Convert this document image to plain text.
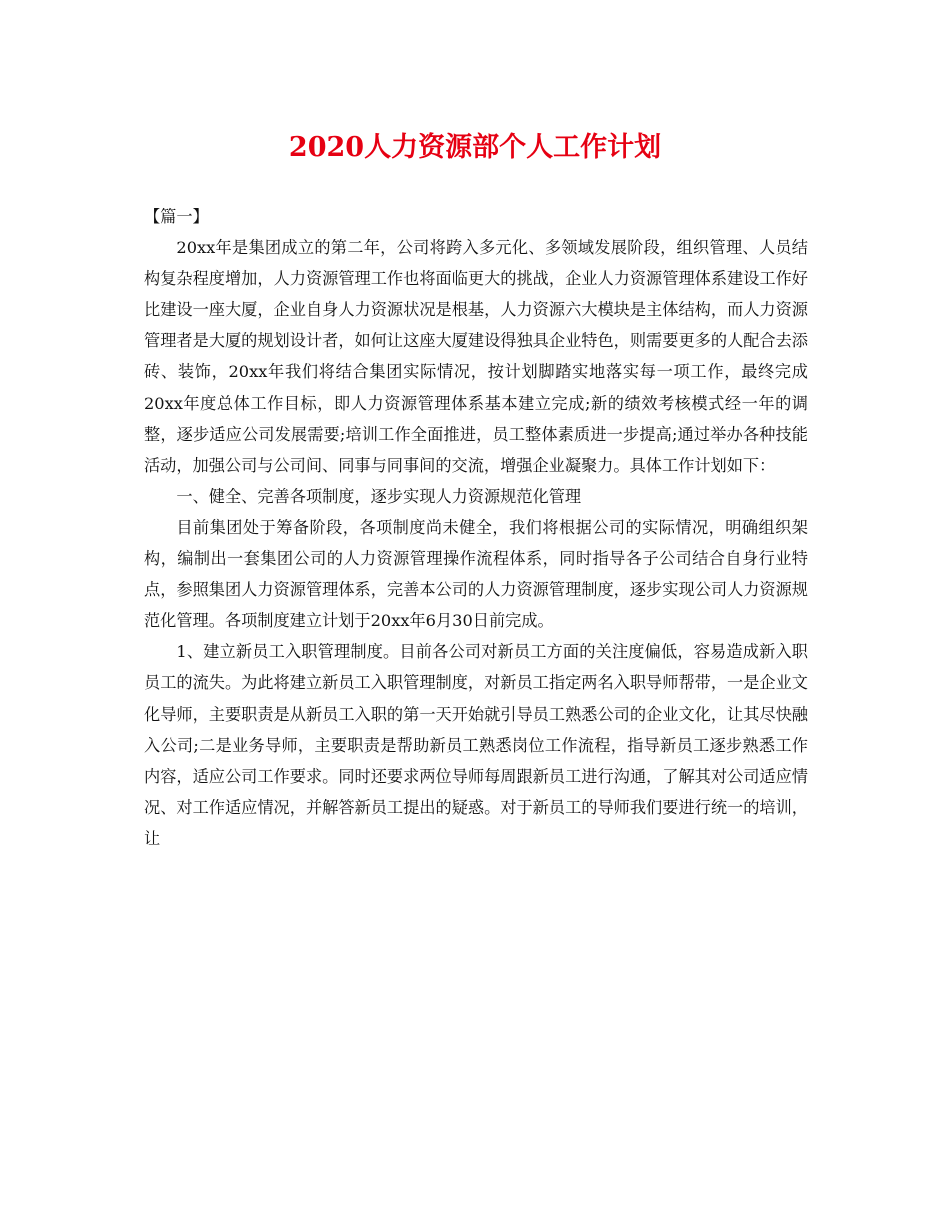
2020人力资源部个人工作计划

【篇一】

20xx年是集团成立的第二年，公司将跨入多元化、多领域发展阶段，组织管理、人员结构复杂程度增加，人力资源管理工作也将面临更大的挑战，企业人力资源管理体系建设工作好比建设一座大厦，企业自身人力资源状况是根基，人力资源六大模块是主体结构，而人力资源管理者是大厦的规划设计者，如何让这座大厦建设得独具企业特色，则需要更多的人配合去添砖、装饰，20xx年我们将结合集团实际情况，按计划脚踏实地落实每一项工作，最终完成20xx年度总体工作目标，即人力资源管理体系基本建立完成;新的绩效考核模式经一年的调整，逐步适应公司发展需要;培训工作全面推进，员工整体素质进一步提高;通过举办各种技能活动，加强公司与公司间、同事与同事间的交流，增强企业凝聚力。具体工作计划如下：

一、健全、完善各项制度，逐步实现人力资源规范化管理

目前集团处于筹备阶段，各项制度尚未健全，我们将根据公司的实际情况，明确组织架构，编制出一套集团公司的人力资源管理操作流程体系，同时指导各子公司结合自身行业特点，参照集团人力资源管理体系，完善本公司的人力资源管理制度，逐步实现公司人力资源规范化管理。各项制度建立计划于20xx年6月30日前完成。

1、建立新员工入职管理制度。目前各公司对新员工方面的关注度偏低，容易造成新入职员工的流失。为此将建立新员工入职管理制度，对新员工指定两名入职导师帮带，一是企业文化导师，主要职责是从新员工入职的第一天开始就引导员工熟悉公司的企业文化，让其尽快融入公司;二是业务导师，主要职责是帮助新员工熟悉岗位工作流程，指导新员工逐步熟悉工作内容，适应公司工作要求。同时还要求两位导师每周跟新员工进行沟通，了解其对公司适应情况、对工作适应情况，并解答新员工提出的疑惑。对于新员工的导师我们要进行统一的培训，让
